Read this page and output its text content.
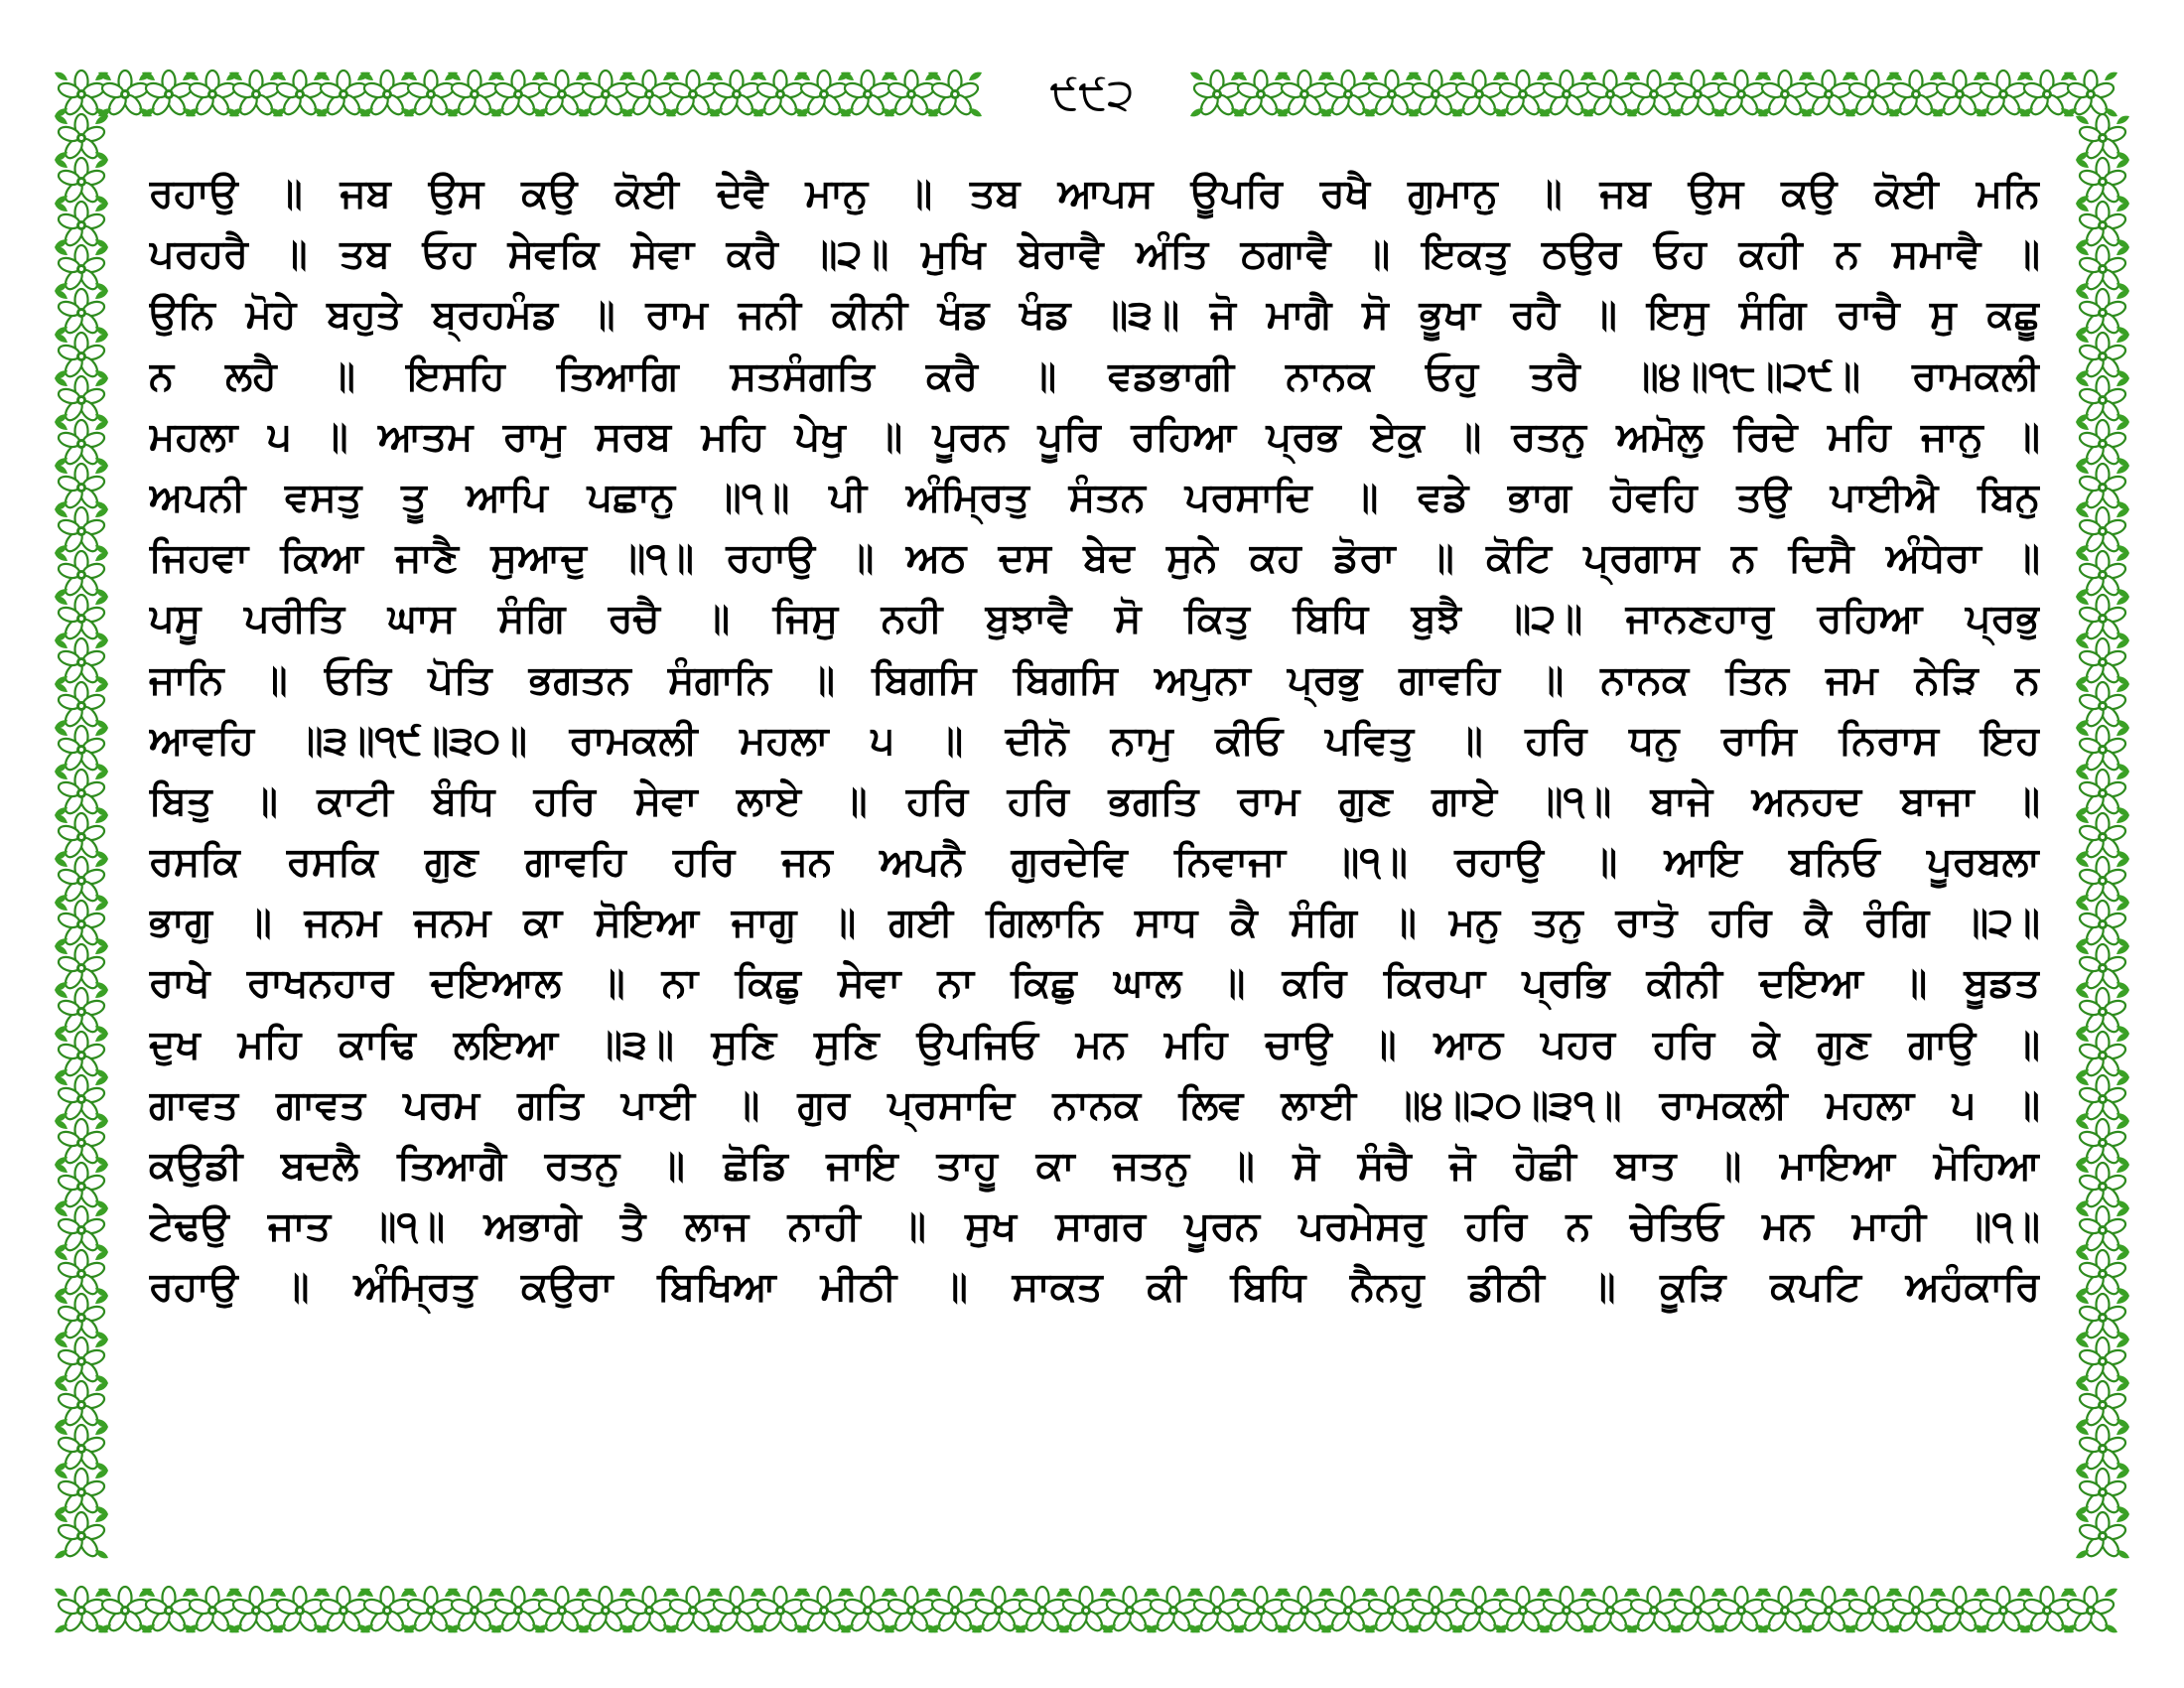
੯੯੨
ਰਹਾਉ ॥ ਜਬ ਉਸ ਕਉ ਕੋਈ ਦੇਵੈ ਮਾਨੁ ॥ ਤਬ ਆਪਸ ਊਪਰਿ ਰਖੈ ਗੁਮਾਨੁ ॥ ਜਬ ਉਸ ਕਉ ਕੋਈ ਮਨਿ
ਪਰਹਰੈ ॥ ਤਬ ਓਹ ਸੇਵਕਿ ਸੇਵਾ ਕਰੈ ॥੨॥ ਮੁਖਿ ਬੇਰਾਵੈ ਅੰਤਿ ਠਗਾਵੈ ॥ ਇਕਤੁ ਠਉਰ ਓਹ ਕਹੀ ਨ ਸਮਾਵੈ ॥
ਉਨਿ ਮੋਹੇ ਬਹੁਤੇ ਬ੍ਰਹਮੰਡ ॥ ਰਾਮ ਜਨੀ ਕੀਨੀ ਖੰਡ ਖੰਡ ॥੩॥ ਜੋ ਮਾਗੈ ਸੋ ਭੂਖਾ ਰਹੈ ॥ ਇਸੁ ਸੰਗਿ ਰਾਚੈ ਸੁ ਕਛੂ
ਨ ਲਹੈ ॥ ਇਸਹਿ ਤਿਆਗਿ ਸਤਸੰਗਤਿ ਕਰੈ ॥ ਵਡਭਾਗੀ ਨਾਨਕ ਓਹੁ ਤਰੈ ॥੪॥੧੮॥੨੯॥ ਰਾਮਕਲੀ
ਮਹਲਾ ੫ ॥ ਆਤਮ ਰਾਮੁ ਸਰਬ ਮਹਿ ਪੇਖੁ ॥ ਪੂਰਨ ਪੂਰਿ ਰਹਿਆ ਪ੍ਰਭ ਏਕੁ ॥ ਰਤਨੁ ਅਮੋਲੁ ਰਿਦੇ ਮਹਿ ਜਾਨੁ ॥
ਅਪਨੀ ਵਸਤੁ ਤੂ ਆਪਿ ਪਛਾਨੁ ॥੧॥ ਪੀ ਅੰਮ੍ਰਿਤੁ ਸੰਤਨ ਪਰਸਾਦਿ ॥ ਵਡੇ ਭਾਗ ਹੋਵਹਿ ਤਉ ਪਾਈਐ ਬਿਨੁ
ਜਿਹਵਾ ਕਿਆ ਜਾਣੈ ਸੁਆਦੁ ॥੧॥ ਰਹਾਉ ॥ ਅਠ ਦਸ ਬੇਦ ਸੁਨੇ ਕਹ ਡੋਰਾ ॥ ਕੋਟਿ ਪ੍ਰਗਾਸ ਨ ਦਿਸੈ ਅੰਧੇਰਾ ॥
ਪਸੂ ਪਰੀਤਿ ਘਾਸ ਸੰਗਿ ਰਚੈ ॥ ਜਿਸੁ ਨਹੀ ਬੁਝਾਵੈ ਸੋ ਕਿਤੁ ਬਿਧਿ ਬੁਝੈ ॥੨॥ ਜਾਨਣਹਾਰੁ ਰਹਿਆ ਪ੍ਰਭੁ
ਜਾਨਿ ॥ ਓਤਿ ਪੋਤਿ ਭਗਤਨ ਸੰਗਾਨਿ ॥ ਬਿਗਸਿ ਬਿਗਸਿ ਅਪੁਨਾ ਪ੍ਰਭੁ ਗਾਵਹਿ ॥ ਨਾਨਕ ਤਿਨ ਜਮ ਨੇੜਿ ਨ
ਆਵਹਿ ॥੩॥੧੯॥੩੦॥ ਰਾਮਕਲੀ ਮਹਲਾ ੫ ॥ ਦੀਨੋ ਨਾਮੁ ਕੀਓ ਪਵਿਤੁ ॥ ਹਰਿ ਧਨੁ ਰਾਸਿ ਨਿਰਾਸ ਇਹ
ਬਿਤੁ ॥ ਕਾਟੀ ਬੰਧਿ ਹਰਿ ਸੇਵਾ ਲਾਏ ॥ ਹਰਿ ਹਰਿ ਭਗਤਿ ਰਾਮ ਗੁਣ ਗਾਏ ॥੧॥ ਬਾਜੇ ਅਨਹਦ ਬਾਜਾ ॥
ਰਸਕਿ ਰਸਕਿ ਗੁਣ ਗਾਵਹਿ ਹਰਿ ਜਨ ਅਪਨੈ ਗੁਰਦੇਵਿ ਨਿਵਾਜਾ ॥੧॥ ਰਹਾਉ ॥ ਆਇ ਬਨਿਓ ਪੂਰਬਲਾ
ਭਾਗੁ ॥ ਜਨਮ ਜਨਮ ਕਾ ਸੋਇਆ ਜਾਗੁ ॥ ਗਈ ਗਿਲਾਨਿ ਸਾਧ ਕੈ ਸੰਗਿ ॥ ਮਨੁ ਤਨੁ ਰਾਤੋ ਹਰਿ ਕੈ ਰੰਗਿ ॥੨॥
ਰਾਖੇ ਰਾਖਨਹਾਰ ਦਇਆਲ ॥ ਨਾ ਕਿਛੁ ਸੇਵਾ ਨਾ ਕਿਛੁ ਘਾਲ ॥ ਕਰਿ ਕਿਰਪਾ ਪ੍ਰਭਿ ਕੀਨੀ ਦਇਆ ॥ ਬੂਡਤ
ਦੁਖ ਮਹਿ ਕਾਢਿ ਲਇਆ ॥੩॥ ਸੁਣਿ ਸੁਣਿ ਉਪਜਿਓ ਮਨ ਮਹਿ ਚਾਉ ॥ ਆਠ ਪਹਰ ਹਰਿ ਕੇ ਗੁਣ ਗਾਉ ॥
ਗਾਵਤ ਗਾਵਤ ਪਰਮ ਗਤਿ ਪਾਈ ॥ ਗੁਰ ਪ੍ਰਸਾਦਿ ਨਾਨਕ ਲਿਵ ਲਾਈ ॥੪॥੨੦॥੩੧॥ ਰਾਮਕਲੀ ਮਹਲਾ ੫ ॥
ਕਉਡੀ ਬਦਲੈ ਤਿਆਗੈ ਰਤਨੁ ॥ ਛੋਡਿ ਜਾਇ ਤਾਹੂ ਕਾ ਜਤਨੁ ॥ ਸੋ ਸੰਚੈ ਜੋ ਹੋਛੀ ਬਾਤ ॥ ਮਾਇਆ ਮੋਹਿਆ
ਟੇਢਉ ਜਾਤ ॥੧॥ ਅਭਾਗੇ ਤੈ ਲਾਜ ਨਾਹੀ ॥ ਸੁਖ ਸਾਗਰ ਪੂਰਨ ਪਰਮੇਸਰੁ ਹਰਿ ਨ ਚੇਤਿਓ ਮਨ ਮਾਹੀ ॥੧॥
ਰਹਾਉ ॥ ਅੰਮ੍ਰਿਤੁ ਕਉਰਾ ਬਿਖਿਆ ਮੀਠੀ ॥ ਸਾਕਤ ਕੀ ਬਿਧਿ ਨੈਨਹੁ ਡੀਠੀ ॥ ਕੂੜਿ ਕਪਟਿ ਅਹੰਕਾਰਿ
